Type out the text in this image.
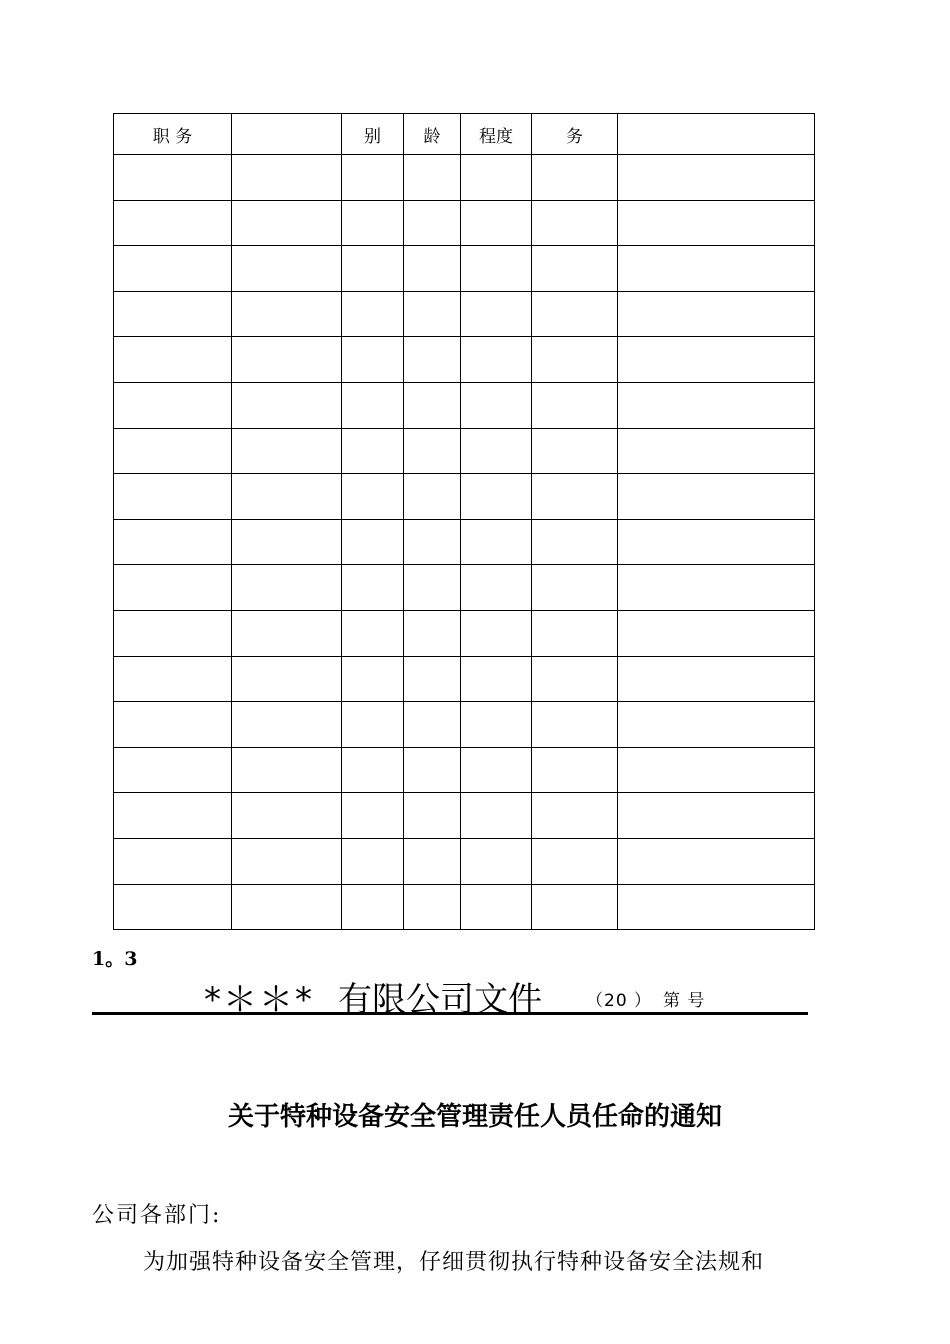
职 务		别	龄	程度	务	

1。3
*＊＊* 有限公司文件	（20 ） 第 号
关于特种设备安全管理责任人员任命的通知
公司各部门:
为加强特种设备安全管理，仔细贯彻执行特种设备安全法规和
